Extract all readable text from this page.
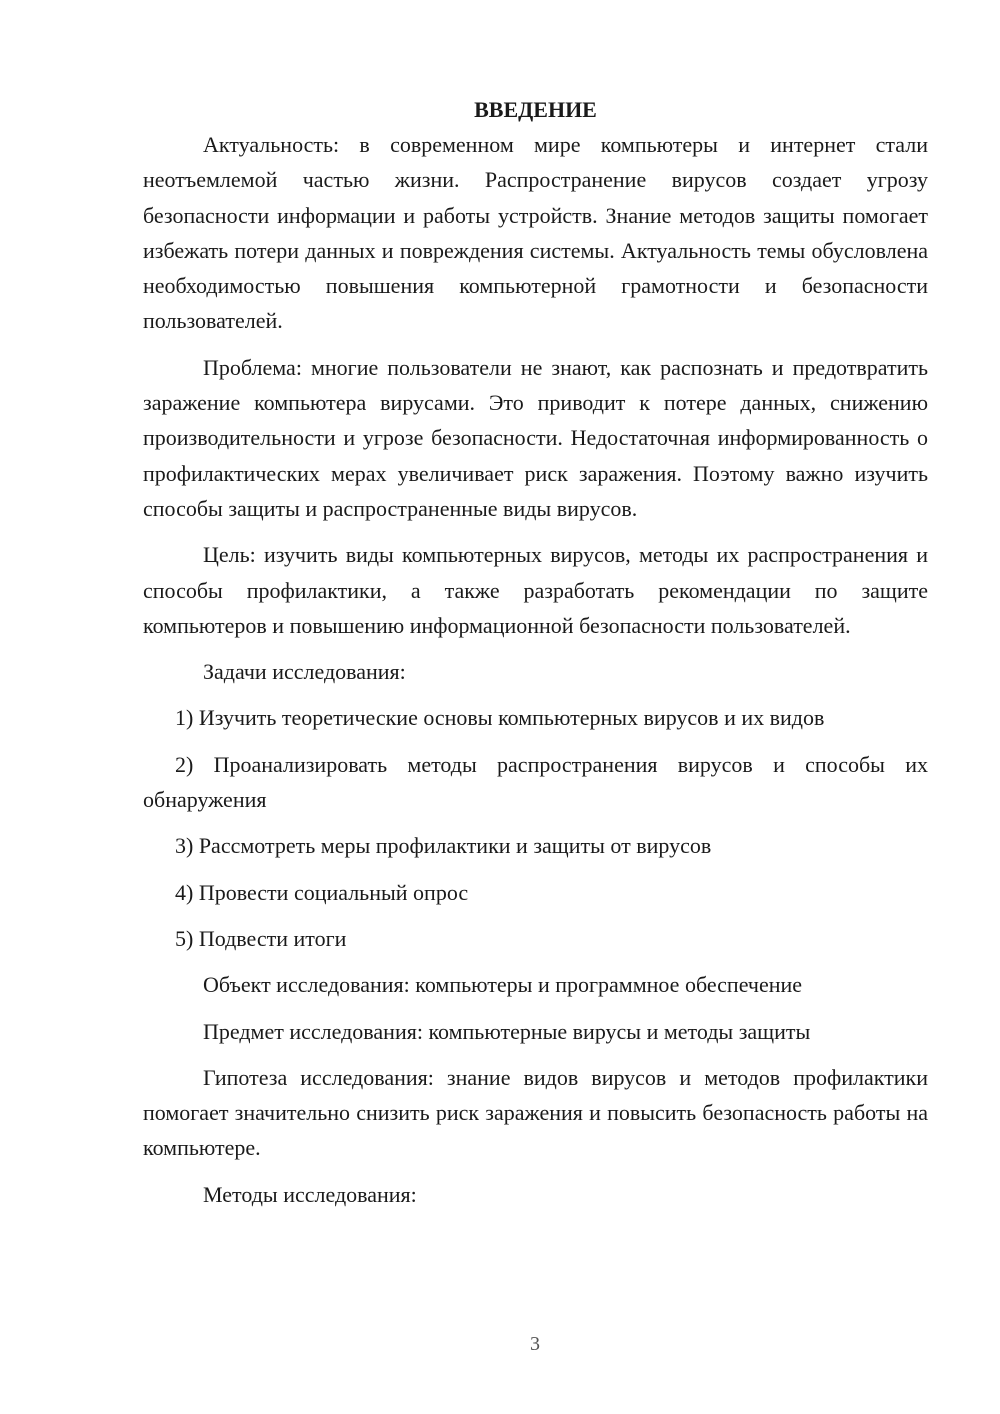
ВВЕДЕНИЕ

Актуальность: в современном мире компьютеры и интернет стали неотъемлемой частью жизни. Распространение вирусов создает угрозу безопасности информации и работы устройств. Знание методов защиты помогает избежать потери данных и повреждения системы. Актуальность темы обусловлена необходимостью повышения компьютерной грамотности и безопасности пользователей.

Проблема: многие пользователи не знают, как распознать и предотвратить заражение компьютера вирусами. Это приводит к потере данных, снижению производительности и угрозе безопасности. Недостаточная информированность о профилактических мерах увеличивает риск заражения. Поэтому важно изучить способы защиты и распространенные виды вирусов.

Цель: изучить виды компьютерных вирусов, методы их распространения и способы профилактики, а также разработать рекомендации по защите компьютеров и повышению информационной безопасности пользователей.

Задачи исследования:

1) Изучить теоретические основы компьютерных вирусов и их видов

2) Проанализировать методы распространения вирусов и способы их обнаружения

3) Рассмотреть меры профилактики и защиты от вирусов

4) Провести социальный опрос

5) Подвести итоги

Объект исследования: компьютеры и программное обеспечение

Предмет исследования: компьютерные вирусы и методы защиты

Гипотеза исследования: знание видов вирусов и методов профилактики помогает значительно снизить риск заражения и повысить безопасность работы на компьютере.

Методы исследования:

3
